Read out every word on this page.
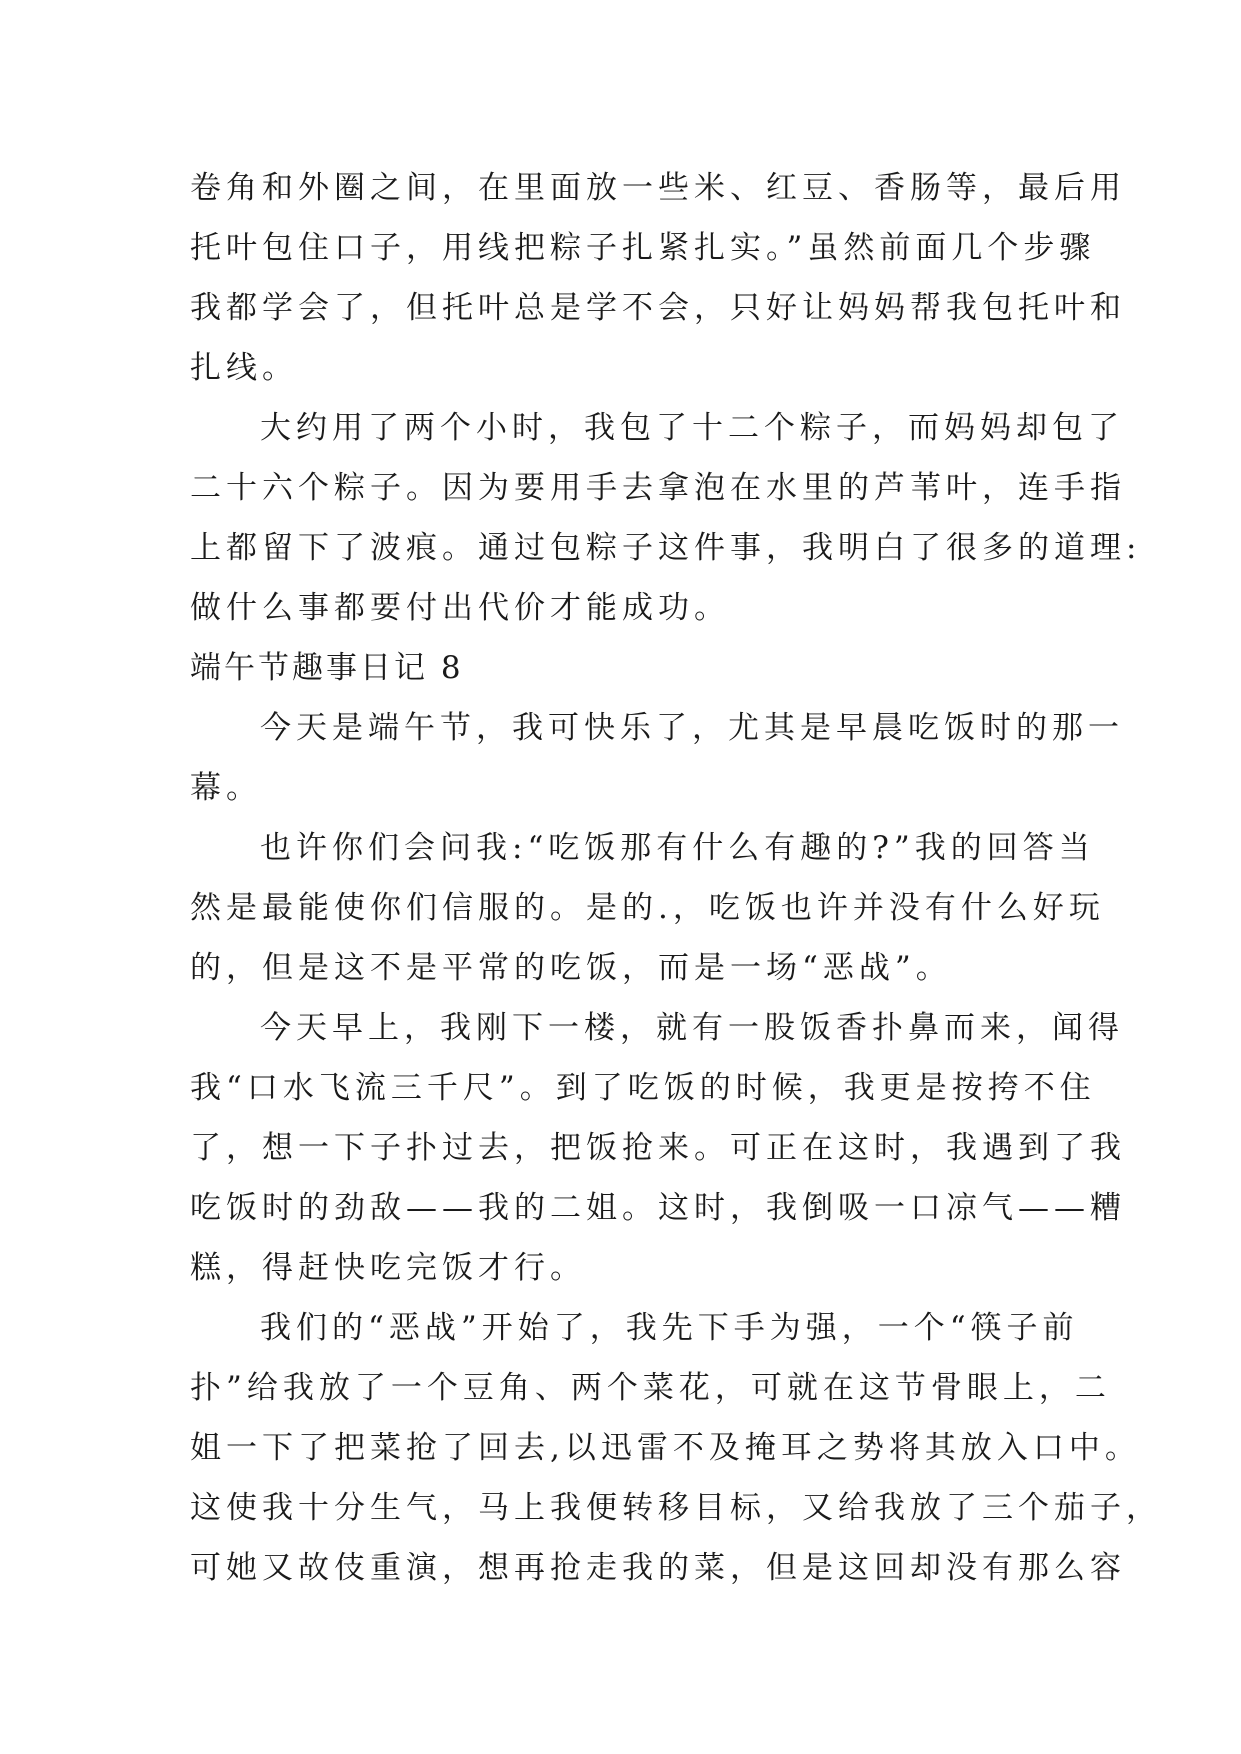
卷角和外圈之间，在里面放一些米、红豆、香肠等，最后用
托叶包住口子，用线把粽子扎紧扎实。”虽然前面几个步骤
我都学会了，但托叶总是学不会，只好让妈妈帮我包托叶和
扎线。
大约用了两个小时，我包了十二个粽子，而妈妈却包了
二十六个粽子。因为要用手去拿泡在水里的芦苇叶，连手指
上都留下了波痕。通过包粽子这件事，我明白了很多的道理:
做什么事都要付出代价才能成功。
端午节趣事日记 8
今天是端午节，我可快乐了，尤其是早晨吃饭时的那一
幕。
也许你们会问我:“吃饭那有什么有趣的?”我的回答当
然是最能使你们信服的。是的.，吃饭也许并没有什么好玩
的，但是这不是平常的吃饭，而是一场“恶战”。
今天早上，我刚下一楼，就有一股饭香扑鼻而来，闻得
我“口水飞流三千尺”。到了吃饭的时候，我更是按挎不住
了，想一下子扑过去，把饭抢来。可正在这时，我遇到了我
吃饭时的劲敌——我的二姐。这时，我倒吸一口凉气——糟
糕，得赶快吃完饭才行。
我们的“恶战”开始了，我先下手为强，一个“筷子前
扑”给我放了一个豆角、两个菜花，可就在这节骨眼上，二
姐一下了把菜抢了回去,以迅雷不及掩耳之势将其放入口中。
这使我十分生气，马上我便转移目标，又给我放了三个茄子，
可她又故伎重演，想再抢走我的菜，但是这回却没有那么容
